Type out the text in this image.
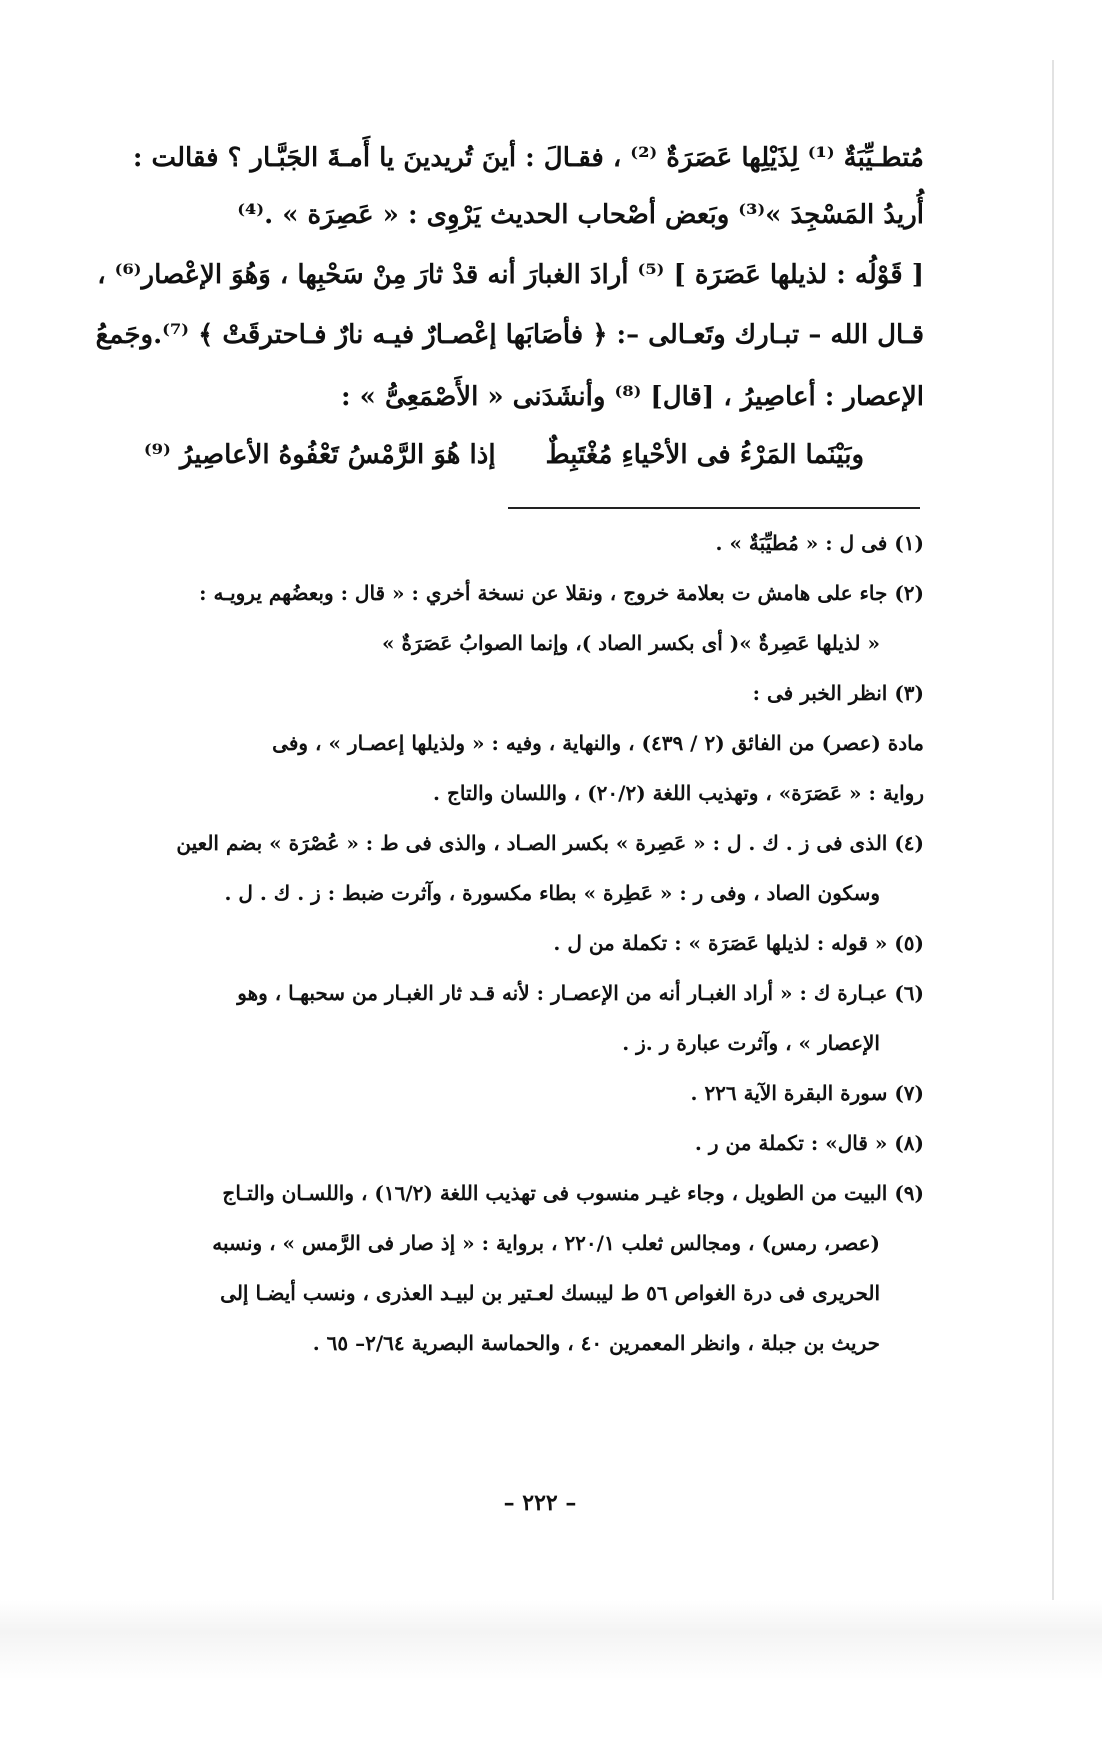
مُتطـيِّبَةٌ ⁽¹⁾ لِذَيْلِها عَصَرَةٌ ⁽²⁾ ، فقـالَ : أينَ تُريدينَ يا أَمـةَ الجَبَّـار ؟ فقالت :
أُريدُ المَسْجِدَ »⁽³⁾ وبَعض أصْحاب الحديث يَرْوِى : « عَصِرَة » .⁽⁴⁾
[ قَوْلُه : لذيلها عَصَرَة ] ⁽⁵⁾ أرادَ الغبارَ أنه قدْ ثارَ مِنْ سَحْبِها ، وَهُوَ الإعْصار⁽⁶⁾ ،
قـال الله – تبـارك وتَعـالى –: ﴿ فأصَابَها إعْصـارٌ فيـه نارٌ فـاحترقَتْ ﴾ ⁽⁷⁾.وجَمعُ
الإعصار : أعاصِيرُ ، [قال] ⁽⁸⁾ وأنشَدَنى « الأَصْمَعِىُّ » :
وبَيْنَما المَرْءُ فى الأحْياءِ مُغْتَبِطٌإذا هُوَ الرَّمْسُ تَعْفُوهُ الأعاصِيرُ ⁽⁹⁾
(١) فى ل : « مُطيِّبَةٌ » .
(٢) جاء على هامش ت بعلامة خروج ، ونقلا عن نسخة أخري : « قال : وبعضُهم يرويـه :
« لذيلها عَصِرةٌ »( أى بكسر الصاد )، وإنما الصوابُ عَصَرَةٌ »
(٣) انظر الخبر فى :
مادة (عصر) من الفائق (٢ / ٤٣٩) ، والنهاية ، وفيه : « ولذيلها إعصـار » ، وفى
رواية : « عَصَرَة» ، وتهذيب اللغة (٢٠/٢) ، واللسان والتاج .
(٤) الذى فى ز . ك . ل : « عَصِرة » بكسر الصـاد ، والذى فى ط : « عُصْرَة » بضم العين
وسكون الصاد ، وفى ر : « عَطِرة » بطاء مكسورة ، وآثرت ضبط : ز . ك . ل .
(٥) « قوله : لذيلها عَصَرَة » : تكملة من ل .
(٦) عبـارة ك : « أراد الغبـار أنه من الإعصـار : لأنه قـد ثار الغبـار من سحبهـا ، وهو
الإعصار » ، وآثرت عبارة ر .ز .
(٧) سورة البقرة الآية ٢٢٦ .
(٨) « قال» : تكملة من ر .
(٩) البيت من الطويل ، وجاء غيـر منسوب فى تهذيب اللغة (١٦/٢) ، واللسـان والتـاج
(عصر، رمس) ، ومجالس ثعلب ٢٢٠/١ ، برواية : « إذ صار فى الرَّمس » ، ونسبه
الحريرى فى درة الغواص ٥٦ ط ليبسك لعـتير بن لبيـد العذرى ، ونسب أيضـا إلى
حريث بن جبلة ، وانظر المعمرين ٤٠ ، والحماسة البصرية ٢/٦٤– ٦٥ .
– ٢٢٢ –
